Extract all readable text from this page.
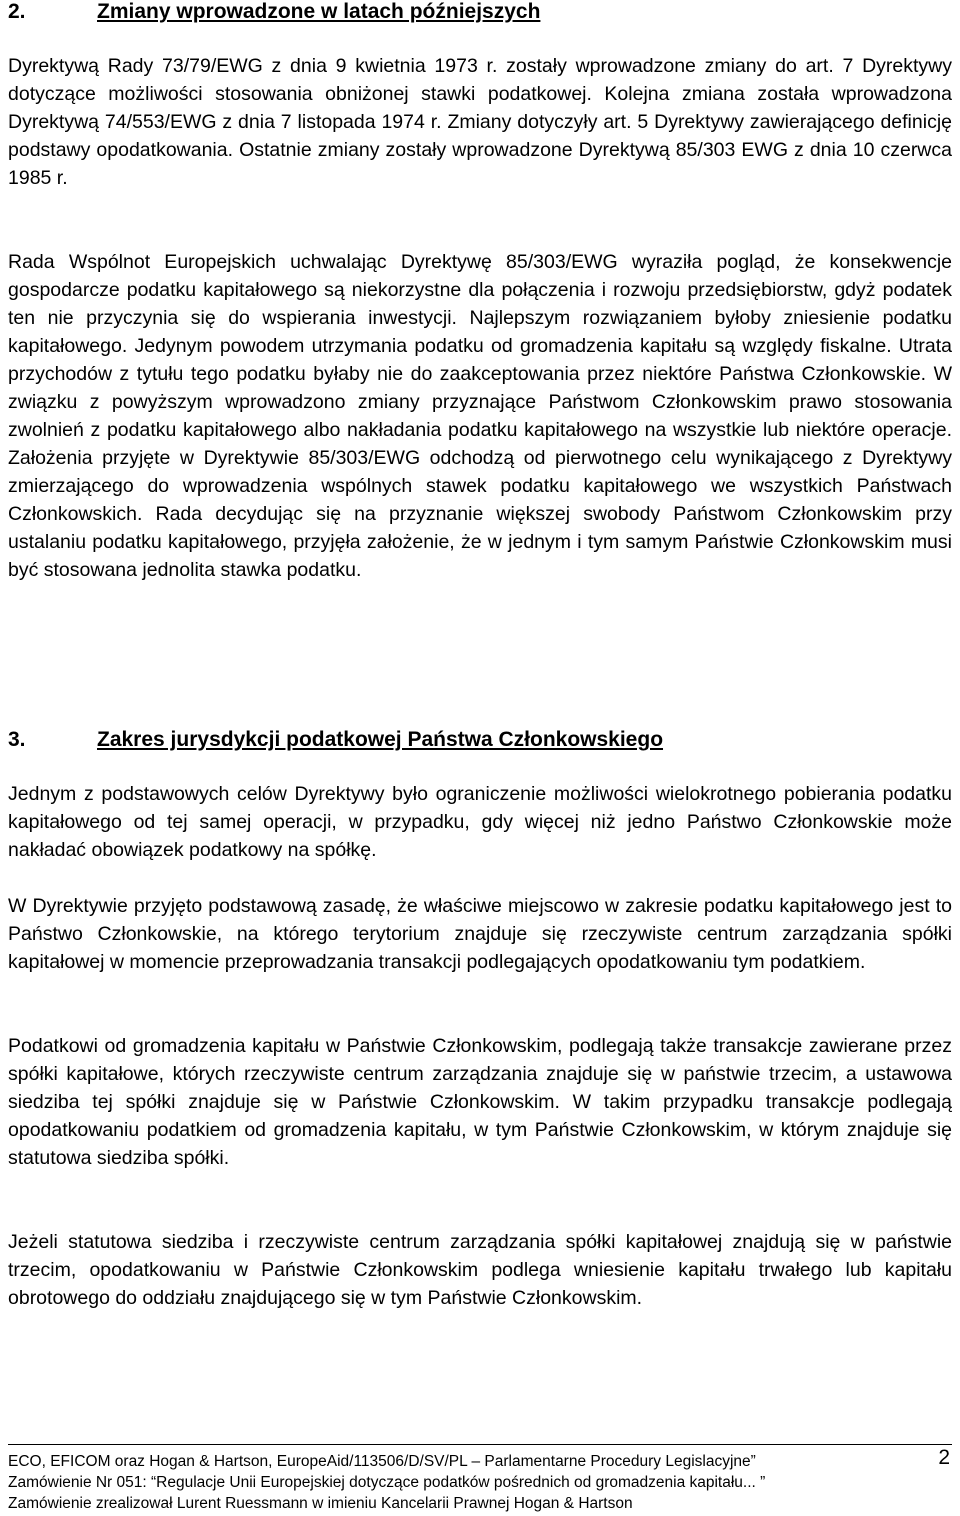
2.	Zmiany wprowadzone w latach późniejszych

Dyrektywą Rady 73/79/EWG z dnia 9 kwietnia 1973 r. zostały wprowadzone zmiany do art. 7 Dyrektywy dotyczące możliwości stosowania obniżonej stawki podatkowej. Kolejna zmiana została wprowadzona Dyrektywą 74/553/EWG z dnia 7 listopada 1974 r. Zmiany dotyczyły art. 5 Dyrektywy zawierającego definicję podstawy opodatkowania. Ostatnie zmiany zostały wprowadzone Dyrektywą 85/303 EWG z dnia 10 czerwca 1985 r.

Rada Wspólnot Europejskich uchwalając Dyrektywę 85/303/EWG wyraziła pogląd, że konsekwencje gospodarcze podatku kapitałowego są niekorzystne dla połączenia i rozwoju przedsiębiorstw, gdyż podatek ten nie przyczynia się do wspierania inwestycji. Najlepszym rozwiązaniem byłoby zniesienie podatku kapitałowego. Jedynym powodem utrzymania podatku od gromadzenia kapitału są względy fiskalne. Utrata przychodów z tytułu tego podatku byłaby nie do zaakceptowania przez niektóre Państwa Członkowskie. W związku z powyższym wprowadzono zmiany przyznające Państwom Członkowskim prawo stosowania zwolnień z podatku kapitałowego albo nakładania podatku kapitałowego na wszystkie lub niektóre operacje. Założenia przyjęte w Dyrektywie 85/303/EWG odchodzą od pierwotnego celu wynikającego z Dyrektywy zmierzającego do wprowadzenia wspólnych stawek podatku kapitałowego we wszystkich Państwach Członkowskich. Rada decydując się na przyznanie większej swobody Państwom Członkowskim przy ustalaniu podatku kapitałowego, przyjęła założenie, że w jednym i tym samym Państwie Członkowskim musi być stosowana jednolita stawka podatku.

3.	Zakres jurysdykcji podatkowej Państwa Członkowskiego

Jednym z podstawowych celów Dyrektywy było ograniczenie możliwości wielokrotnego pobierania podatku kapitałowego od tej samej operacji, w przypadku, gdy więcej niż jedno Państwo Członkowskie może nakładać obowiązek podatkowy na spółkę.

W Dyrektywie przyjęto podstawową zasadę, że właściwe miejscowo w zakresie podatku kapitałowego jest to Państwo Członkowskie, na którego terytorium znajduje się rzeczywiste centrum zarządzania spółki kapitałowej w momencie przeprowadzania transakcji podlegających opodatkowaniu tym podatkiem.

Podatkowi od gromadzenia kapitału w Państwie Członkowskim, podlegają także transakcje zawierane przez spółki kapitałowe, których rzeczywiste centrum zarządzania znajduje się w państwie trzecim, a ustawowa siedziba tej spółki znajduje się w Państwie Członkowskim. W takim przypadku transakcje podlegają opodatkowaniu podatkiem od gromadzenia kapitału, w tym Państwie Członkowskim, w którym znajduje się statutowa siedziba spółki.

Jeżeli statutowa siedziba i rzeczywiste centrum zarządzania spółki kapitałowej znajdują się w państwie trzecim, opodatkowaniu w Państwie Członkowskim podlega wniesienie kapitału trwałego lub kapitału obrotowego do oddziału znajdującego się w tym Państwie Członkowskim.

ECO, EFICOM oraz Hogan & Hartson, EuropeAid/113506/D/SV/PL – Parlamentarne Procedury Legislacyjne”
Zamówienie Nr 051: “Regulacje Unii Europejskiej dotyczące podatków pośrednich od gromadzenia kapitału... ”
Zamówienie zrealizował Lurent Ruessmann w imieniu Kancelarii Prawnej Hogan & Hartson
2
